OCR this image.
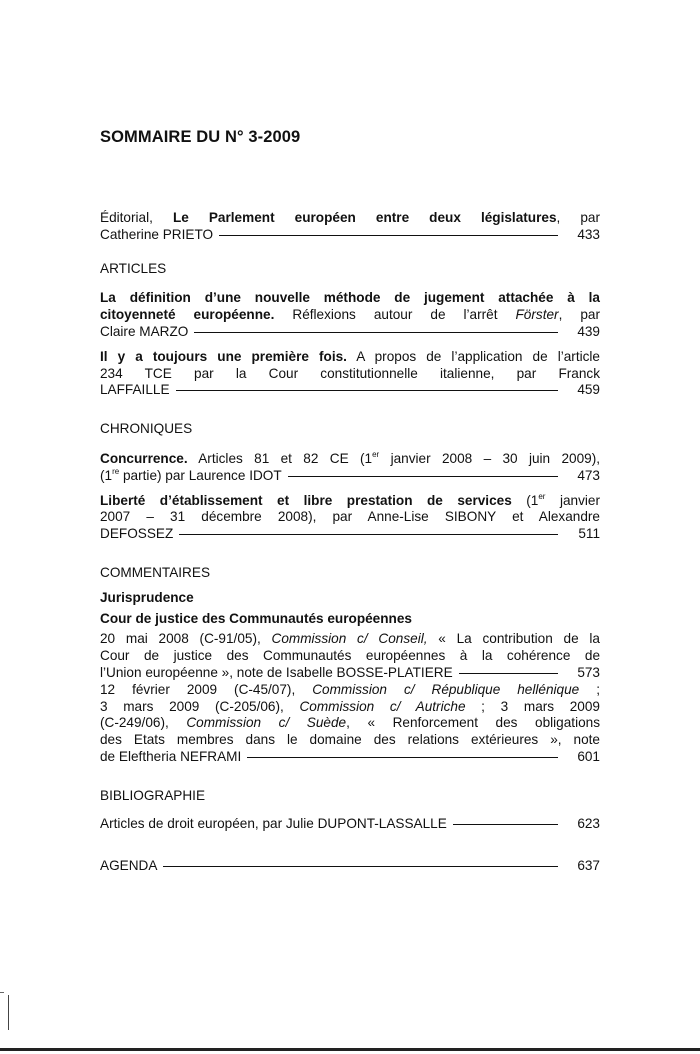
SOMMAIRE DU N° 3-2009
Éditorial, Le Parlement européen entre deux législatures, par
Catherine PRIETO	433
ARTICLES
La définition d’une nouvelle méthode de jugement attachée à la
citoyenneté européenne. Réflexions autour de l’arrêt Förster, par
Claire MARZO	439
Il y a toujours une première fois. A propos de l’application de l’article
234 TCE par la Cour constitutionnelle italienne, par Franck
LAFFAILLE	459
CHRONIQUES
Concurrence. Articles 81 et 82 CE (1er janvier 2008 – 30 juin 2009),
(1re partie) par Laurence IDOT	473
Liberté d’établissement et libre prestation de services (1er janvier
2007 – 31 décembre 2008), par Anne-Lise SIBONY et Alexandre
DEFOSSEZ	511
COMMENTAIRES
Jurisprudence
Cour de justice des Communautés européennes
20 mai 2008 (C-91/05), Commission c/ Conseil, « La contribution de la
Cour de justice des Communautés européennes à la cohérence de
l’Union européenne », note de Isabelle BOSSE-PLATIERE	573
12 février 2009 (C-45/07), Commission c/ République hellénique ;
3 mars 2009 (C-205/06), Commission c/ Autriche ; 3 mars 2009
(C-249/06), Commission c/ Suède, « Renforcement des obligations
des Etats membres dans le domaine des relations extérieures », note
de Eleftheria NEFRAMI	601
BIBLIOGRAPHIE
Articles de droit européen, par Julie DUPONT-LASSALLE	623
AGENDA	637
